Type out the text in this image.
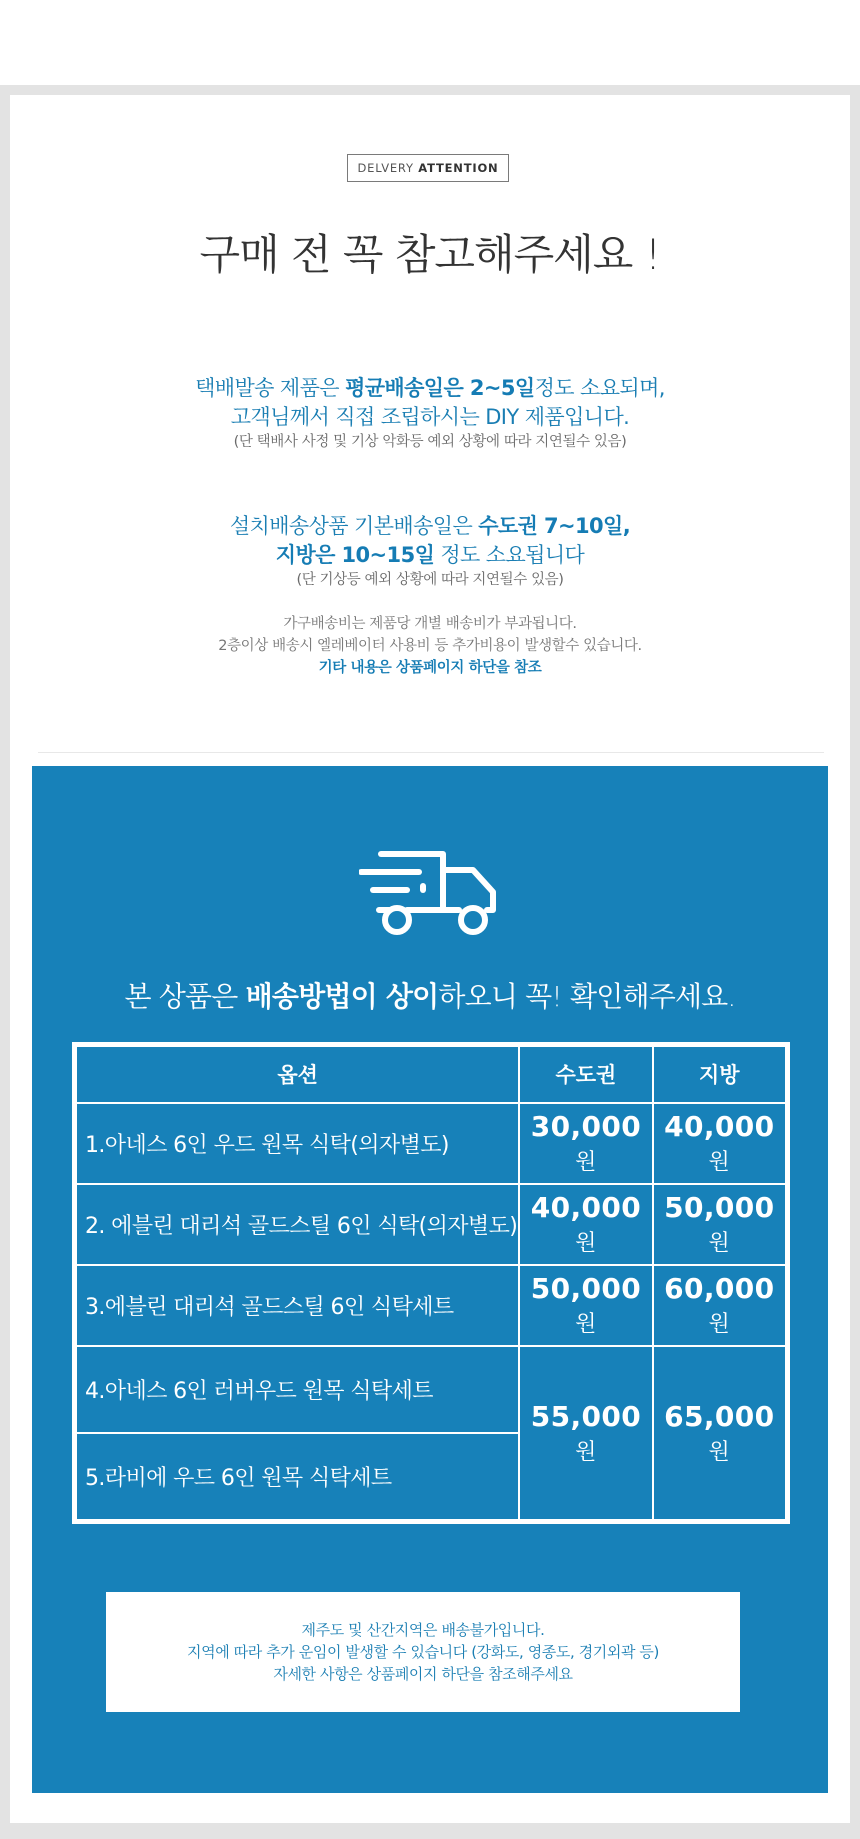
DELVERY ATTENTION
구매 전 꼭 참고해주세요 !
택배발송 제품은 평균배송일은 2~5일정도 소요되며,
고객님께서 직접 조립하시는 DIY 제품입니다.
(단 택배사 사정 및 기상 악화등 예외 상황에 따라 지연될수 있음)
설치배송상품 기본배송일은 수도권 7~10일,
지방은 10~15일 정도 소요됩니다
(단 기상등 예외 상황에 따라 지연될수 있음)
가구배송비는 제품당 개별 배송비가 부과됩니다.
2층이상 배송시 엘레베이터 사용비 등 추가비용이 발생할수 있습니다.
기타 내용은 상품페이지 하단을 참조
본 상품은 배송방법이 상이하오니 꼭! 확인해주세요.
옵션	수도권	지방
1.아네스 6인 우드 원목 식탁(의자별도)	30,000원	40,000원
2. 에블린 대리석 골드스틸 6인 식탁(의자별도)	40,000원	50,000원
3.에블린 대리석 골드스틸 6인 식탁세트	50,000원	60,000원
4.아네스 6인 러버우드 원목 식탁세트	55,000원	65,000원
5.라비에 우드 6인 원목 식탁세트		
제주도 및 산간지역은 배송불가입니다.
지역에 따라 추가 운임이 발생할 수 있습니다 (강화도, 영종도, 경기외곽 등)
자세한 사항은 상품페이지 하단을 참조해주세요
